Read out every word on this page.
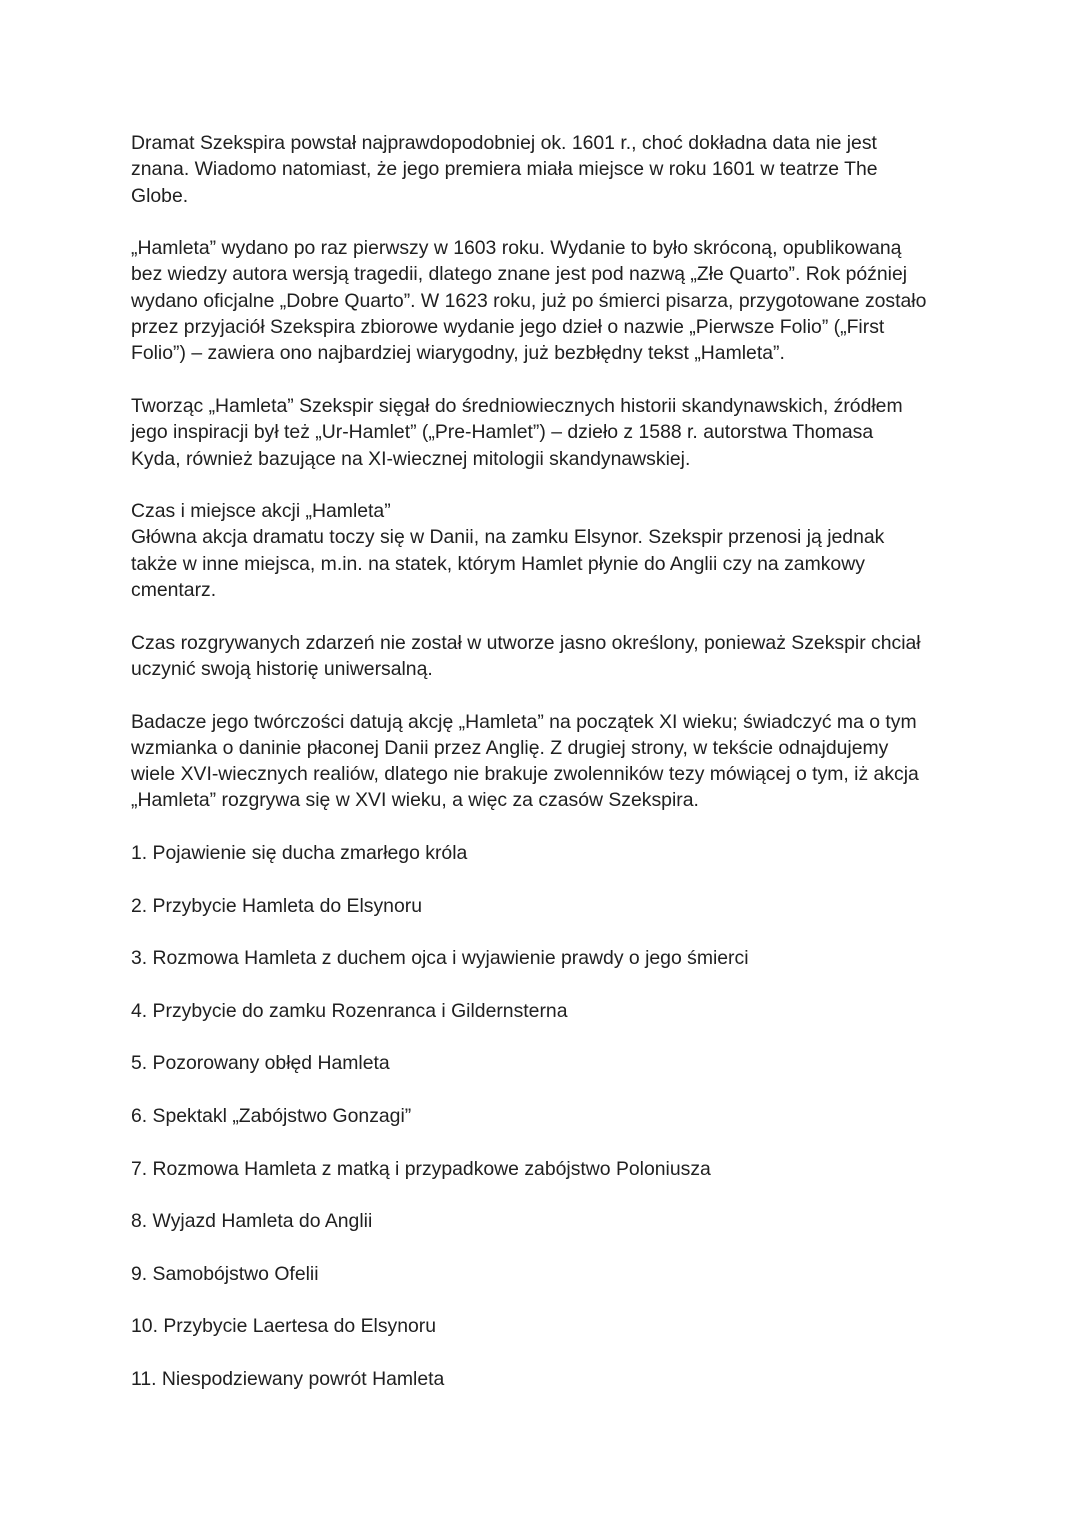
Dramat Szekspira powstał najprawdopodobniej ok. 1601 r., choć dokładna data nie jest
znana. Wiadomo natomiast, że jego premiera miała miejsce w roku 1601 w teatrze The
Globe.
„Hamleta” wydano po raz pierwszy w 1603 roku. Wydanie to było skróconą, opublikowaną
bez wiedzy autora wersją tragedii, dlatego znane jest pod nazwą „Złe Quarto”. Rok później
wydano oficjalne „Dobre Quarto”. W 1623 roku, już po śmierci pisarza, przygotowane zostało
przez przyjaciół Szekspira zbiorowe wydanie jego dzieł o nazwie „Pierwsze Folio” („First
Folio”) – zawiera ono najbardziej wiarygodny, już bezbłędny tekst „Hamleta”.
Tworząc „Hamleta” Szekspir sięgał do średniowiecznych historii skandynawskich, źródłem
jego inspiracji był też „Ur-Hamlet” („Pre-Hamlet”) – dzieło z 1588 r. autorstwa Thomasa
Kyda, również bazujące na XI-wiecznej mitologii skandynawskiej.
Czas i miejsce akcji „Hamleta”
Główna akcja dramatu toczy się w Danii, na zamku Elsynor. Szekspir przenosi ją jednak
także w inne miejsca, m.in. na statek, którym Hamlet płynie do Anglii czy na zamkowy
cmentarz.
Czas rozgrywanych zdarzeń nie został w utworze jasno określony, ponieważ Szekspir chciał
uczynić swoją historię uniwersalną.
Badacze jego twórczości datują akcję „Hamleta” na początek XI wieku; świadczyć ma o tym
wzmianka o daninie płaconej Danii przez Anglię. Z drugiej strony, w tekście odnajdujemy
wiele XVI-wiecznych realiów, dlatego nie brakuje zwolenników tezy mówiącej o tym, iż akcja
„Hamleta” rozgrywa się w XVI wieku, a więc za czasów Szekspira.
1. Pojawienie się ducha zmarłego króla
2. Przybycie Hamleta do Elsynoru
3. Rozmowa Hamleta z duchem ojca i wyjawienie prawdy o jego śmierci
4. Przybycie do zamku Rozenranca i Gildernsterna
5. Pozorowany obłęd Hamleta
6. Spektakl „Zabójstwo Gonzagi”
7. Rozmowa Hamleta z matką i przypadkowe zabójstwo Poloniusza
8. Wyjazd Hamleta do Anglii
9. Samobójstwo Ofelii
10. Przybycie Laertesa do Elsynoru
11. Niespodziewany powrót Hamleta
